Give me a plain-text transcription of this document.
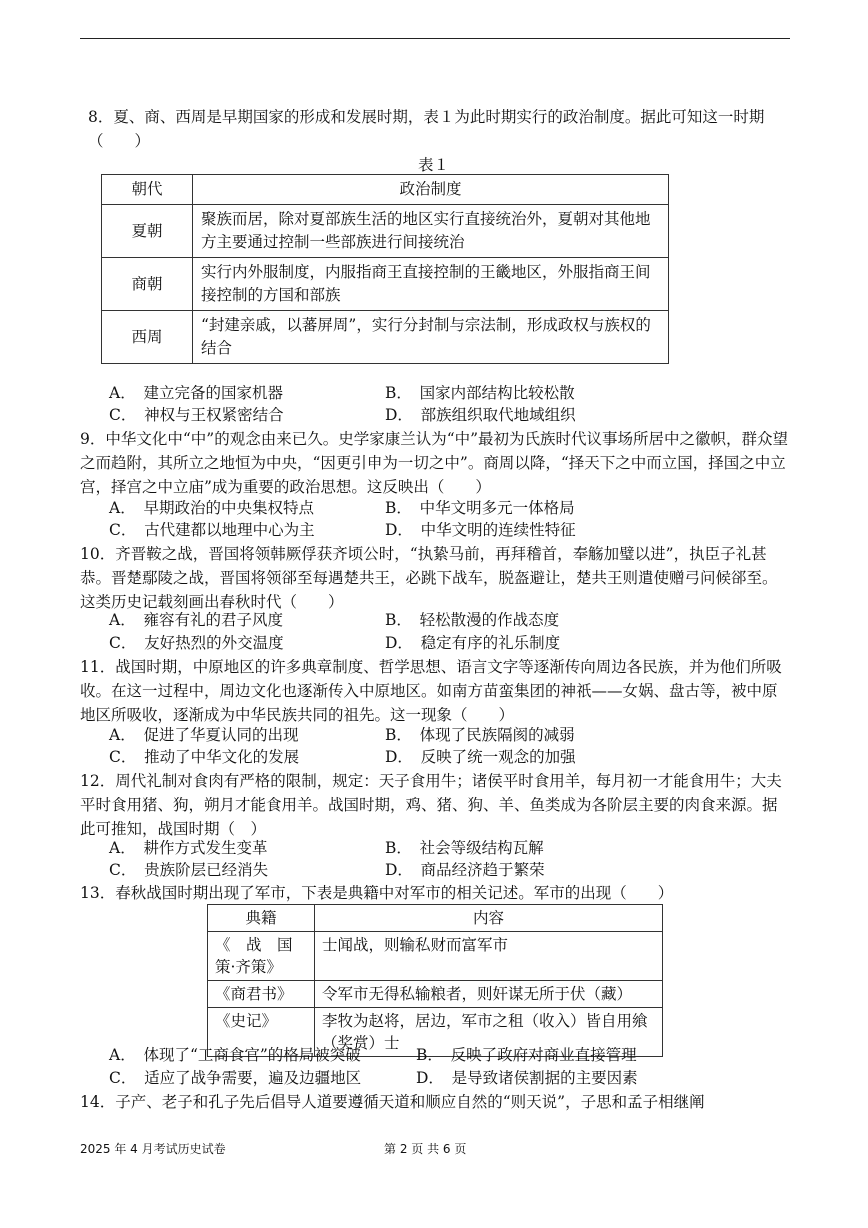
8．夏、商、西周是早期国家的形成和发展时期，表１为此时期实行的政治制度。据此可知这一时期（　　）
表１
朝代	政治制度
夏朝	聚族而居，除对夏部族生活的地区实行直接统治外，夏朝对其他地方主要通过控制一些部族进行间接统治
商朝	实行内外服制度，内服指商王直接控制的王畿地区，外服指商王间接控制的方国和部族
西周	“封建亲戚，以蕃屏周”，实行分封制与宗法制，形成政权与族权的结合
A．　建立完备的国家机器	B．　国家内部结构比较松散
C．　神权与王权紧密结合	D．　部族组织取代地域组织
9．中华文化中“中”的观念由来已久。史学家康兰认为“中”最初为氏族时代议事场所居中之徽帜，群众望之而趋附，其所立之地恒为中央，“因更引申为一切之中”。商周以降，“择天下之中而立国，择国之中立宫，择宫之中立庙”成为重要的政治思想。这反映出（　　）
A．　早期政治的中央集权特点	B．　中华文明多元一体格局
C．　古代建都以地理中心为主	D．　中华文明的连续性特征
10．齐晋鞍之战，晋国将领韩厥俘获齐顷公时，“执絷马前，再拜稽首，奉觞加璧以进”，执臣子礼甚恭。晋楚鄢陵之战，晋国将领郤至每遇楚共王，必跳下战车，脱盔避让，楚共王则遣使赠弓问候郤至。这类历史记载刻画出春秋时代（　　）
A．　雍容有礼的君子风度	B．　轻松散漫的作战态度
C．　友好热烈的外交温度	D．　稳定有序的礼乐制度
11．战国时期，中原地区的许多典章制度、哲学思想、语言文字等逐渐传向周边各民族，并为他们所吸收。在这一过程中，周边文化也逐渐传入中原地区。如南方苗蛮集团的神祇——女娲、盘古等，被中原地区所吸收，逐渐成为中华民族共同的祖先。这一现象（　　）
A．　促进了华夏认同的出现	B．　体现了民族隔阂的减弱
C．　推动了中华文化的发展	D．　反映了统一观念的加强
12．周代礼制对食肉有严格的限制，规定：天子食用牛；诸侯平时食用羊，每月初一才能食用牛；大夫平时食用猪、狗，朔月才能食用羊。战国时期，鸡、猪、狗、羊、鱼类成为各阶层主要的肉食来源。据此可推知，战国时期（　）
A．　耕作方式发生变革	B．　社会等级结构瓦解
C．　贵族阶层已经消失	D．　商品经济趋于繁荣
13．春秋战国时期出现了军市，下表是典籍中对军市的相关记述。军市的出现（　　）
典籍	内容
《　战　国　策·齐策》	士闻战，则输私财而富军市
《商君书》	令军市无得私输粮者，则奸谋无所于伏（藏）
《史记》	李牧为赵将，居边，军市之租（收入）皆自用飨（奖赏）士
A．　体现了“工商食官”的格局被突破	B．　反映了政府对商业直接管理
C．　适应了战争需要，遍及边疆地区	D．　是导致诸侯割据的主要因素
14．子产、老子和孔子先后倡导人道要遵循天道和顺应自然的“则天说”，子思和孟子相继阐
2025 年 4 月考试历史试卷	第 2 页 共 6 页
